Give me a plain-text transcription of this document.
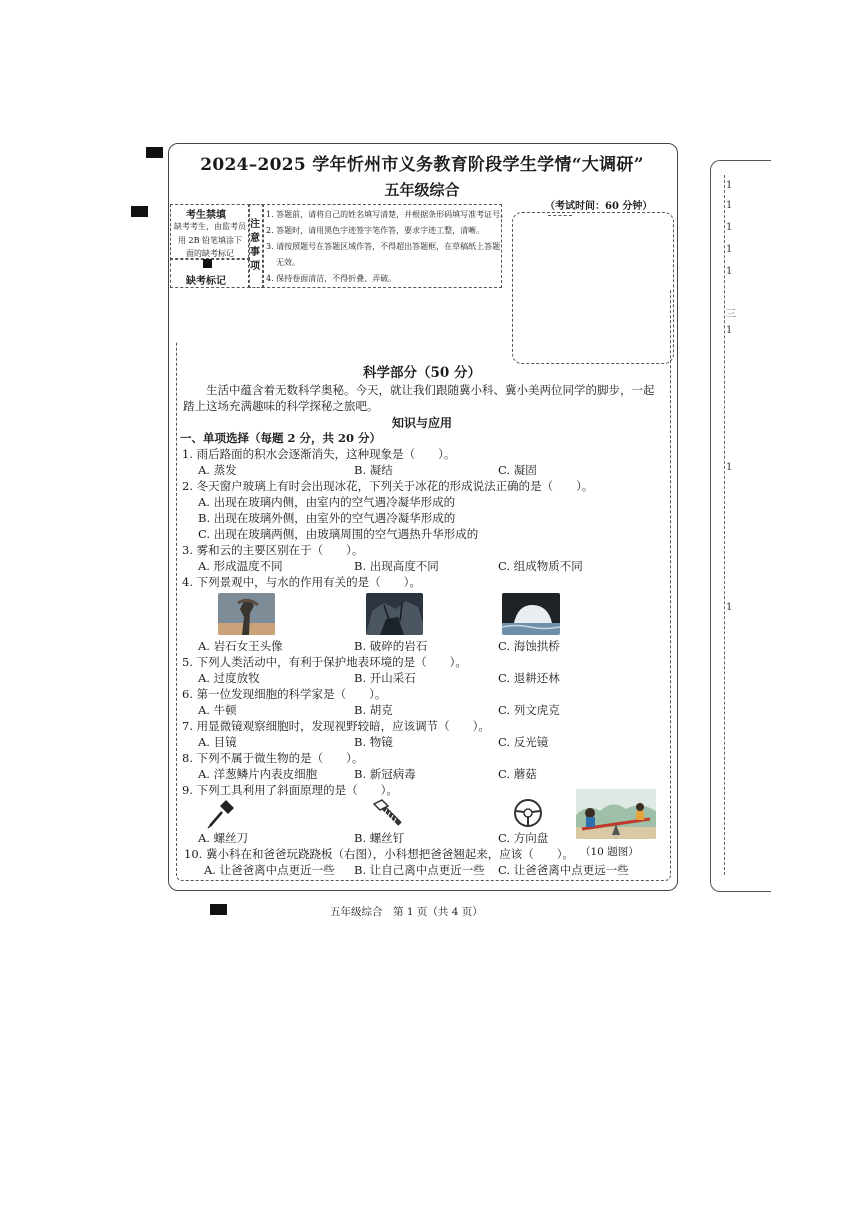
1
1
1
1
1
三
1
1
1
2024–2025 学年忻州市义务教育阶段学生学情“大调研”
五年级综合
（考试时间：60 分钟）
考生禁填
缺考考生，由监考员用 2B 铅笔填涂下面的缺考标记
缺考标记
注意事项
1. 答题前，请将自己的姓名填写清楚，并根据条形码填写准考证号。
2. 答题时，请用黑色字迹签字笔作答，要求字迹工整，清晰。
3. 请按照题号在答题区域作答，不得超出答题框，在草稿纸上答题
无效。
4. 保持卷面清洁，不得折叠、弄破。
科学部分（50 分）
生活中蕴含着无数科学奥秘。今天，就让我们跟随冀小科、冀小美两位同学的脚步，一起
踏上这场充满趣味的科学探秘之旅吧。
知识与应用
一、单项选择（每题 2 分，共 20 分）
1. 雨后路面的积水会逐渐消失，这种现象是（　　）。
A. 蒸发	B. 凝结	C. 凝固
2. 冬天窗户玻璃上有时会出现冰花，下列关于冰花的形成说法正确的是（　　）。
A. 出现在玻璃内侧，由室内的空气遇冷凝华形成的
B. 出现在玻璃外侧，由室外的空气遇冷凝华形成的
C. 出现在玻璃两侧，由玻璃周围的空气遇热升华形成的
3. 雾和云的主要区别在于（　　）。
A. 形成温度不同	B. 出现高度不同	C. 组成物质不同
4. 下列景观中，与水的作用有关的是（　　）。
A. 岩石女王头像	B. 破碎的岩石	C. 海蚀拱桥
5. 下列人类活动中，有利于保护地表环境的是（　　）。
A. 过度放牧	B. 开山采石	C. 退耕还林
6. 第一位发现细胞的科学家是（　　）。
A. 牛顿	B. 胡克	C. 列文虎克
7. 用显微镜观察细胞时，发现视野较暗，应该调节（　　）。
A. 目镜	B. 物镜	C. 反光镜
8. 下列不属于微生物的是（　　）。
A. 洋葱鳞片内表皮细胞	B. 新冠病毒	C. 蘑菇
9. 下列工具利用了斜面原理的是（　　）。
A. 螺丝刀	B. 螺丝钉	C. 方向盘
（10 题图）
10. 冀小科在和爸爸玩跷跷板（右图），小科想把爸爸翘起来，应该（　　）。
A. 让爸爸离中点更近一些 B. 让自己离中点更近一些 C. 让爸爸离中点更远一些
五年级综合　第 1 页（共 4 页）
